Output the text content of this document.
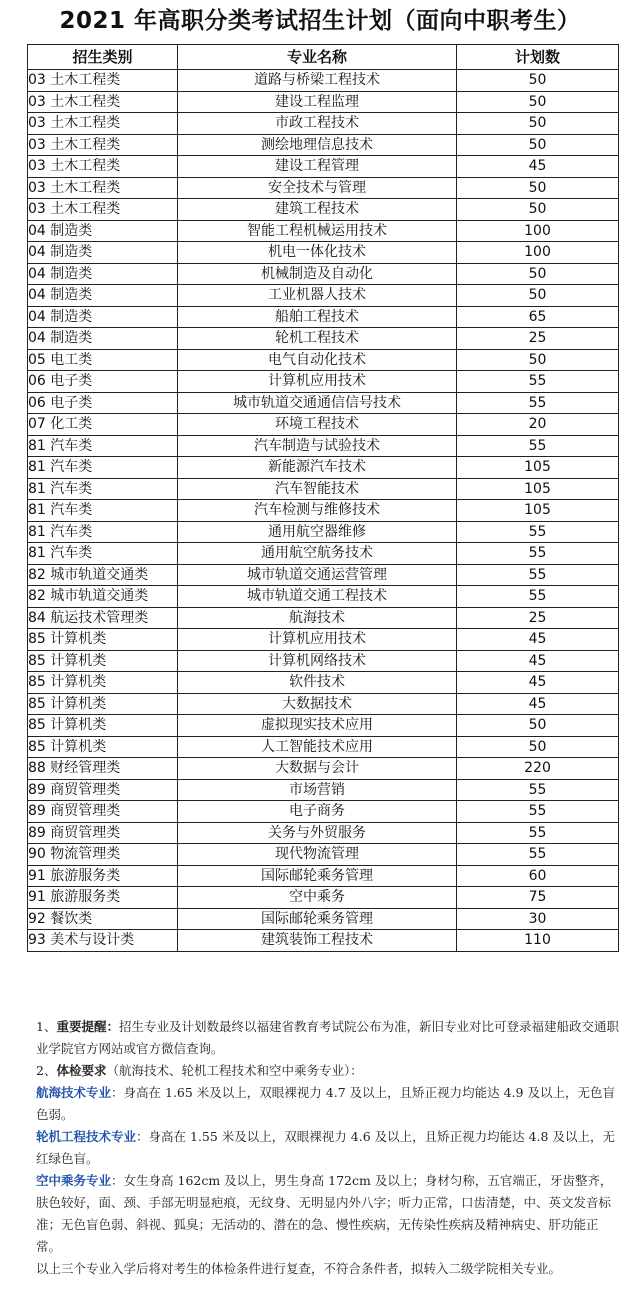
2021 年高职分类考试招生计划（面向中职考生）
招生类别	专业名称	计划数
03 土木工程类	道路与桥梁工程技术	50
03 土木工程类	建设工程监理	50
03 土木工程类	市政工程技术	50
03 土木工程类	测绘地理信息技术	50
03 土木工程类	建设工程管理	45
03 土木工程类	安全技术与管理	50
03 土木工程类	建筑工程技术	50
04 制造类	智能工程机械运用技术	100
04 制造类	机电一体化技术	100
04 制造类	机械制造及自动化	50
04 制造类	工业机器人技术	50
04 制造类	船舶工程技术	65
04 制造类	轮机工程技术	25
05 电工类	电气自动化技术	50
06 电子类	计算机应用技术	55
06 电子类	城市轨道交通通信信号技术	55
07 化工类	环境工程技术	20
81 汽车类	汽车制造与试验技术	55
81 汽车类	新能源汽车技术	105
81 汽车类	汽车智能技术	105
81 汽车类	汽车检测与维修技术	105
81 汽车类	通用航空器维修	55
81 汽车类	通用航空航务技术	55
82 城市轨道交通类	城市轨道交通运营管理	55
82 城市轨道交通类	城市轨道交通工程技术	55
84 航运技术管理类	航海技术	25
85 计算机类	计算机应用技术	45
85 计算机类	计算机网络技术	45
85 计算机类	软件技术	45
85 计算机类	大数据技术	45
85 计算机类	虚拟现实技术应用	50
85 计算机类	人工智能技术应用	50
88 财经管理类	大数据与会计	220
89 商贸管理类	市场营销	55
89 商贸管理类	电子商务	55
89 商贸管理类	关务与外贸服务	55
90 物流管理类	现代物流管理	55
91 旅游服务类	国际邮轮乘务管理	60
91 旅游服务类	空中乘务	75
92 餐饮类	国际邮轮乘务管理	30
93 美术与设计类	建筑装饰工程技术	110

1、重要提醒：招生专业及计划数最终以福建省教育考试院公布为准，新旧专业对比可登录福建船政交通职业学院官方网站或官方微信查询。

2、体检要求（航海技术、轮机工程技术和空中乘务专业）：

航海技术专业：身高在 1.65 米及以上，双眼裸视力 4.7 及以上，且矫正视力均能达 4.9 及以上，无色盲色弱。

轮机工程技术专业：身高在 1.55 米及以上，双眼裸视力 4.6 及以上，且矫正视力均能达 4.8 及以上，无红绿色盲。

空中乘务专业：女生身高 162cm 及以上，男生身高 172cm 及以上；身材匀称，五官端正，牙齿整齐，肤色较好，面、颈、手部无明显疤痕，无纹身、无明显内外八字；听力正常，口齿清楚，中、英文发音标准；无色盲色弱、斜视、狐臭；无活动的、潜在的急、慢性疾病，无传染性疾病及精神病史、肝功能正常。

以上三个专业入学后将对考生的体检条件进行复查，不符合条件者，拟转入二级学院相关专业。
